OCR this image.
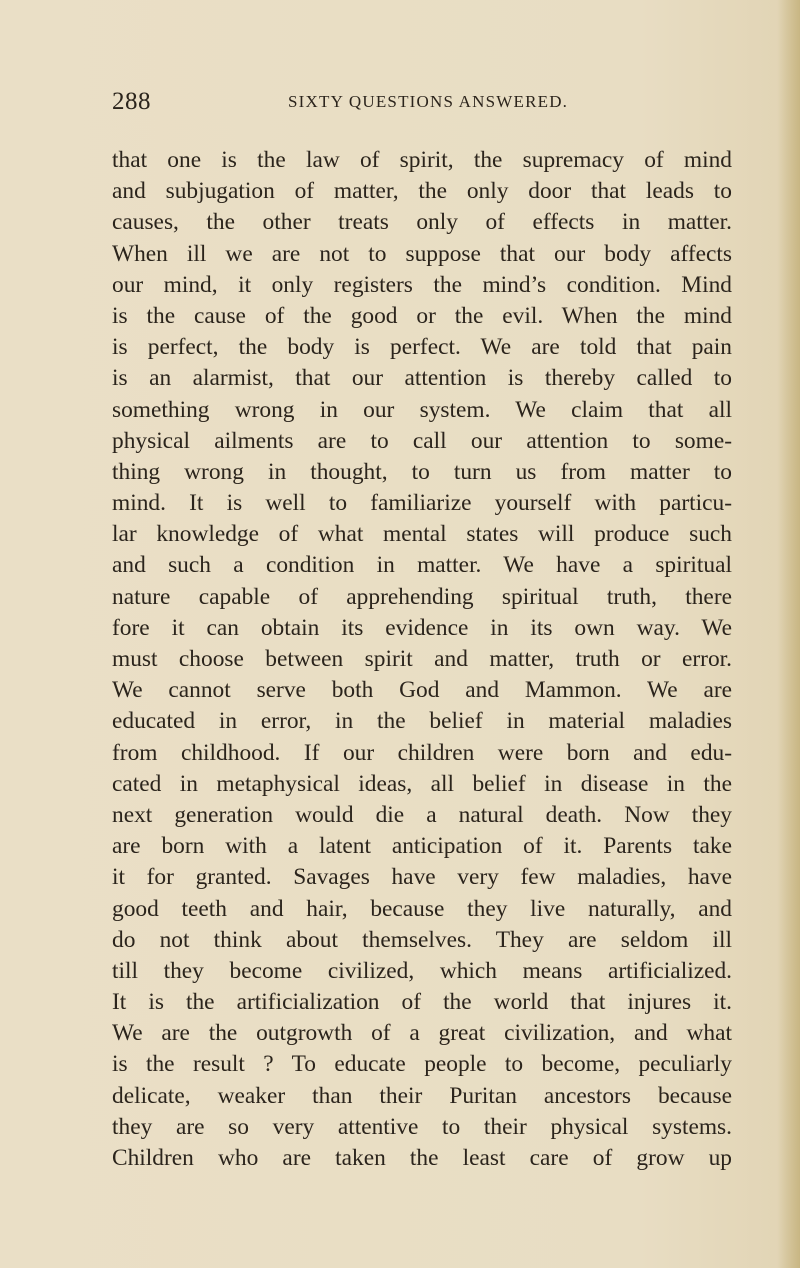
288	SIXTY QUESTIONS ANSWERED.
that one is the law of spirit, the supremacy of mind
and subjugation of matter, the only door that leads to
causes, the other treats only of effects in matter.
When ill we are not to suppose that our body affects
our mind, it only registers the mind’s condition. Mind
is the cause of the good or the evil. When the mind
is perfect, the body is perfect. We are told that pain
is an alarmist, that our attention is thereby called to
something wrong in our system. We claim that all
physical ailments are to call our attention to some-
thing wrong in thought, to turn us from matter to
mind. It is well to familiarize yourself with particu-
lar knowledge of what mental states will produce such
and such a condition in matter. We have a spiritual
nature capable of apprehending spiritual truth, there
fore it can obtain its evidence in its own way. We
must choose between spirit and matter, truth or error.
We cannot serve both God and Mammon. We are
educated in error, in the belief in material maladies
from childhood. If our children were born and edu-
cated in metaphysical ideas, all belief in disease in the
next generation would die a natural death. Now they
are born with a latent anticipation of it. Parents take
it for granted. Savages have very few maladies, have
good teeth and hair, because they live naturally, and
do not think about themselves. They are seldom ill
till they become civilized, which means artificialized.
It is the artificialization of the world that injures it.
We are the outgrowth of a great civilization, and what
is the result ? To educate people to become, peculiarly
delicate, weaker than their Puritan ancestors because
they are so very attentive to their physical systems.
Children who are taken the least care of grow up
